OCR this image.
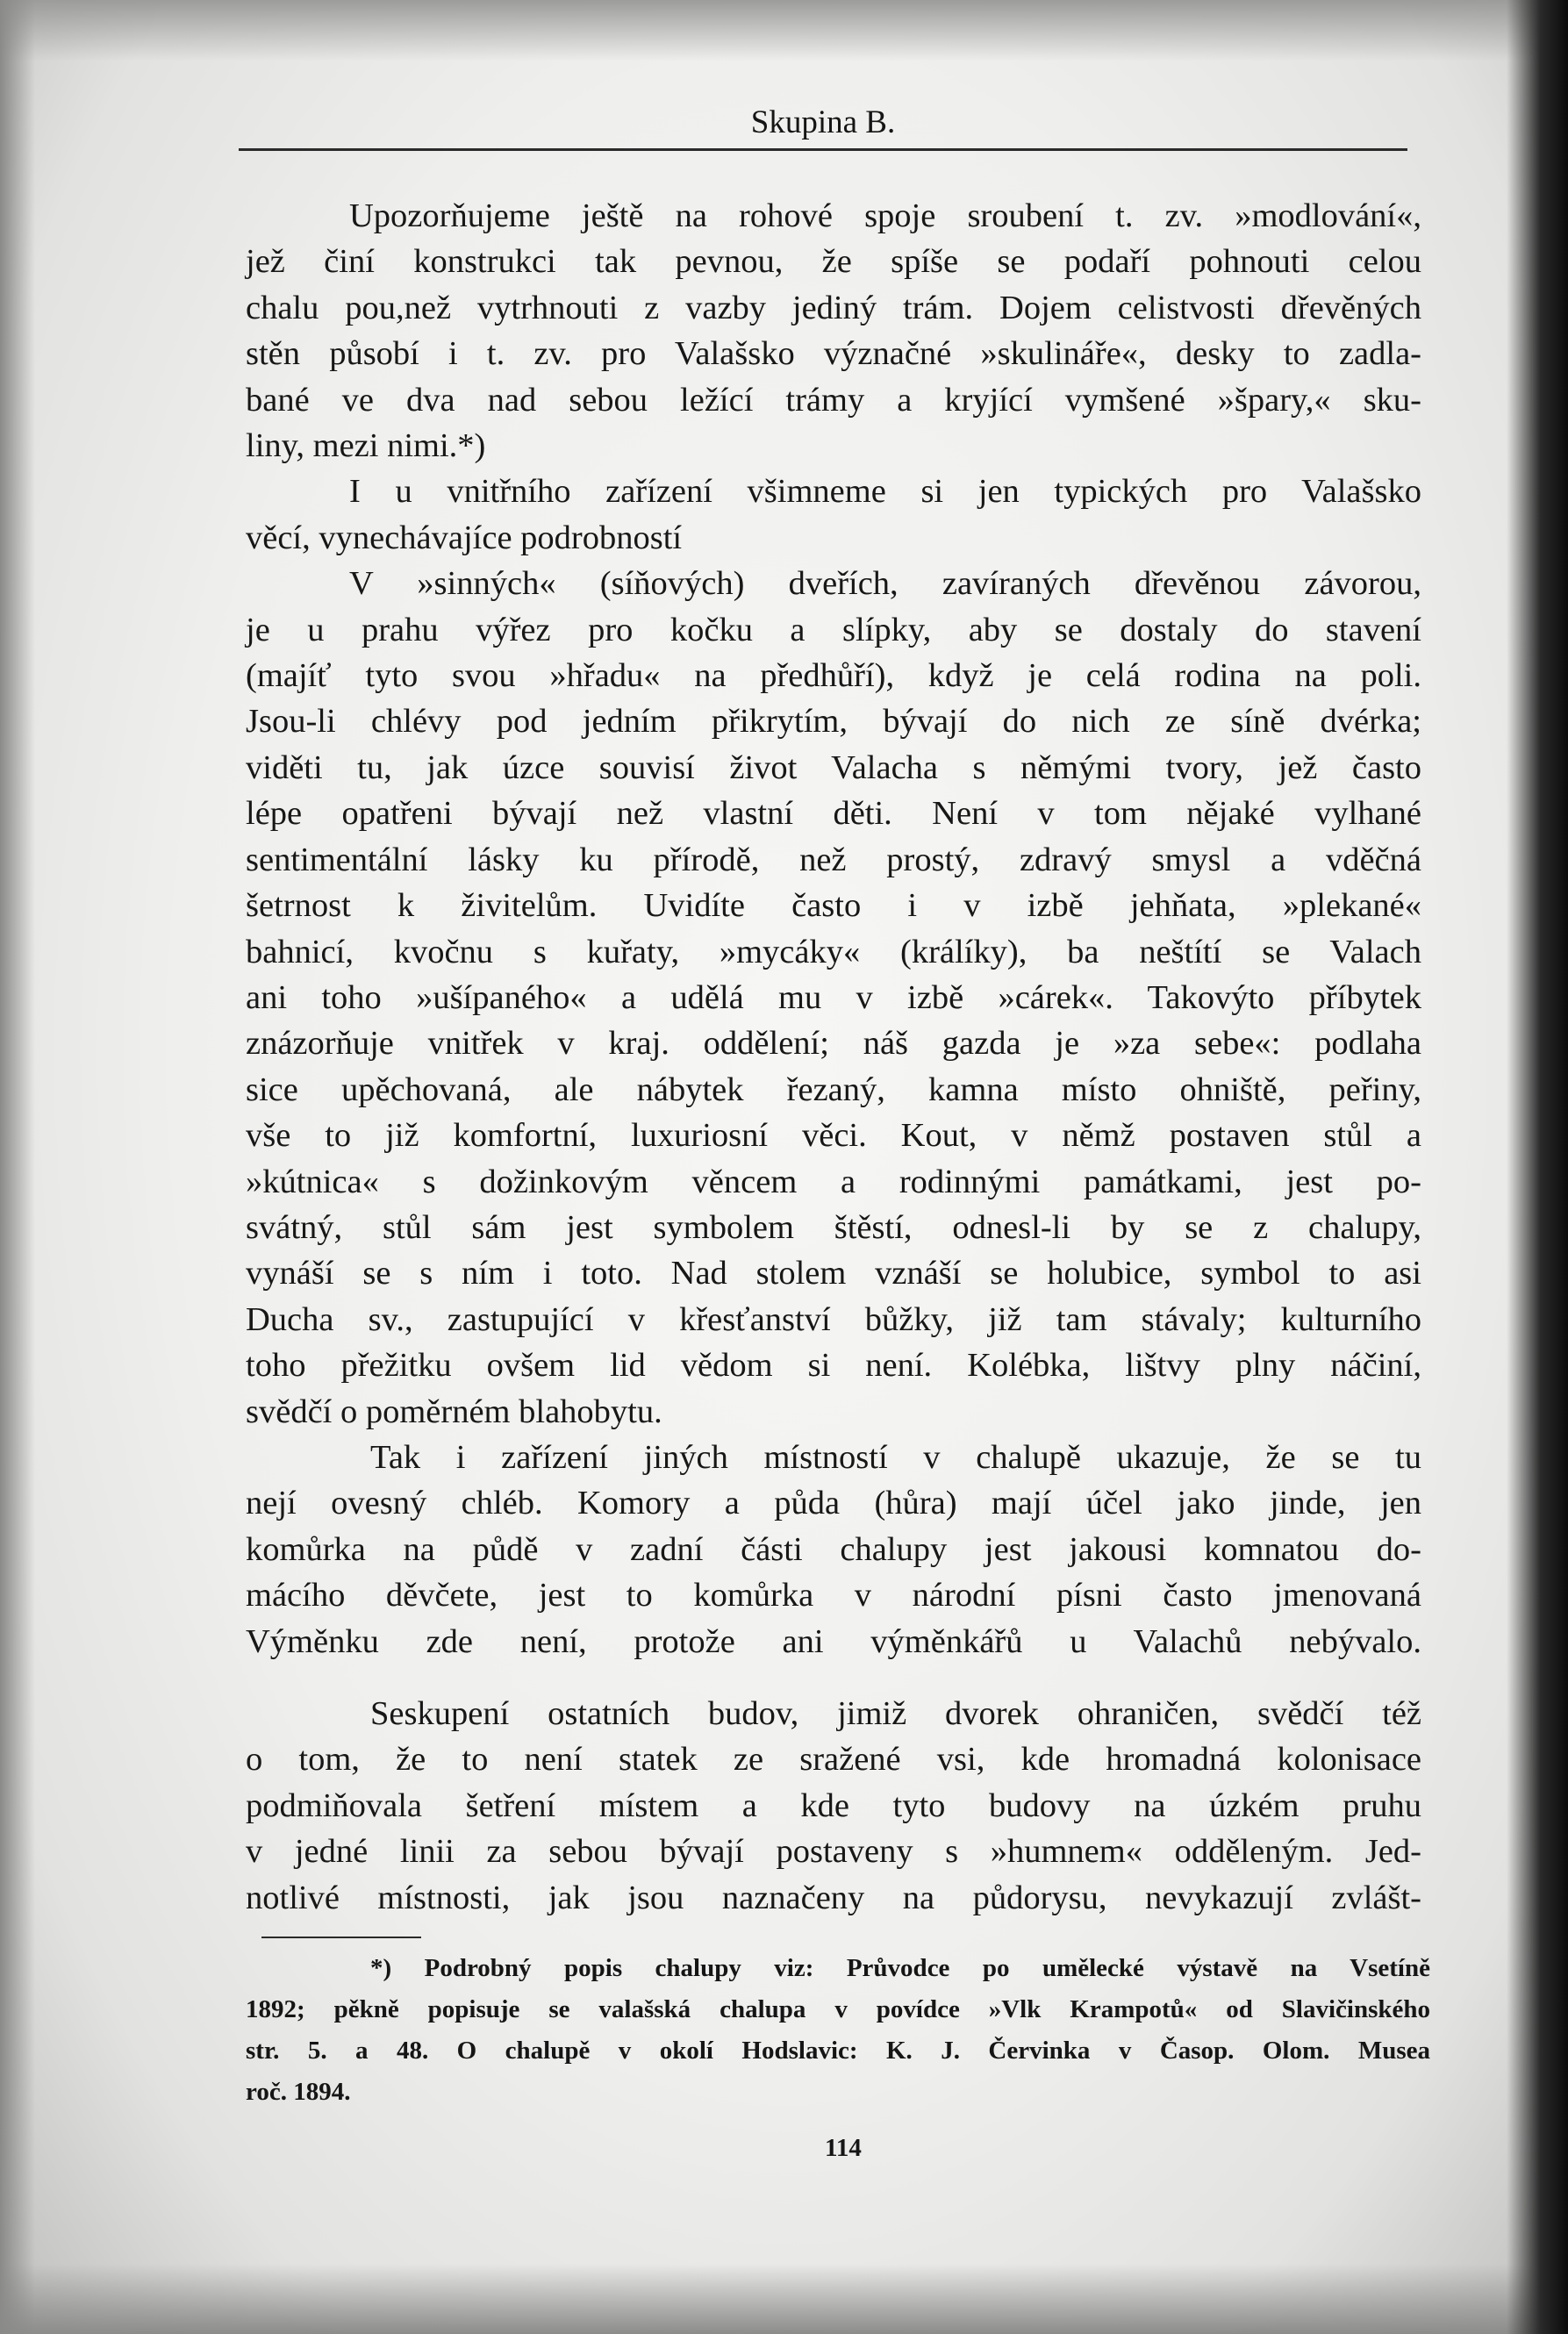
Skupina B.
Upozorňujeme ještě na rohové spoje sroubení t. zv. »modlování«,
jež činí konstrukci tak pevnou, že spíše se podaří pohnouti celou
chalu pou,než vytrhnouti z vazby jediný trám. Dojem celistvosti dřevěných
stěn působí i t. zv. pro Valašsko význačné »skulináře«, desky to zadla-
bané ve dva nad sebou ležící trámy a kryjící vymšené »špary,« sku-
liny, mezi nimi.*)
I u vnitřního zařízení všimneme si jen typických pro Valašsko
věcí, vynechávajíce podrobností
V »sinných« (síňových) dveřích, zavíraných dřevěnou závorou,
je u prahu výřez pro kočku a slípky, aby se dostaly do stavení
(majíť tyto svou »hřadu« na předhůří), když je celá rodina na poli.
Jsou-li chlévy pod jedním přikrytím, bývají do nich ze síně dvérka;
viděti tu, jak úzce souvisí život Valacha s němými tvory, jež často
lépe opatřeni bývají než vlastní děti. Není v tom nějaké vylhané
sentimentální lásky ku přírodě, než prostý, zdravý smysl a vděčná
šetrnost k živitelům. Uvidíte často i v izbě jehňata, »plekané«
bahnicí, kvočnu s kuřaty, »mycáky« (králíky), ba neštítí se Valach
ani toho »ušípaného« a udělá mu v izbě »cárek«. Takovýto příbytek
znázorňuje vnitřek v kraj. oddělení; náš gazda je »za sebe«: podlaha
sice upěchovaná, ale nábytek řezaný, kamna místo ohniště, peřiny,
vše to již komfortní, luxuriosní věci. Kout, v němž postaven stůl a
»kútnica« s dožinkovým věncem a rodinnými památkami, jest po-
svátný, stůl sám jest symbolem štěstí, odnesl-li by se z chalupy,
vynáší se s ním i toto. Nad stolem vznáší se holubice, symbol to asi
Ducha sv., zastupující v křesťanství bůžky, již tam stávaly; kulturního
toho přežitku ovšem lid vědom si není. Kolébka, lištvy plny náčiní,
svědčí o poměrném blahobytu.
Tak i zařízení jiných místností v chalupě ukazuje, že se tu
nejí ovesný chléb. Komory a půda (hůra) mají účel jako jinde, jen
komůrka na půdě v zadní části chalupy jest jakousi komnatou do-
mácího děvčete, jest to komůrka v národní písni často jmenovaná
Výměnku zde není, protože ani výměnkářů u Valachů nebývalo.
Seskupení ostatních budov, jimiž dvorek ohraničen, svědčí též
o tom, že to není statek ze sražené vsi, kde hromadná kolonisace
podmiňovala šetření místem a kde tyto budovy na úzkém pruhu
v jedné linii za sebou bývají postaveny s »humnem« odděleným. Jed-
notlivé místnosti, jak jsou naznačeny na půdorysu, nevykazují zvlášt-
*) Podrobný popis chalupy viz: Průvodce po umělecké výstavě na Vsetíně
1892; pěkně popisuje se valašská chalupa v povídce »Vlk Krampotů« od Slavičinského
str. 5. a 48. O chalupě v okolí Hodslavic: K. J. Červinka v Časop. Olom. Musea
roč. 1894.
114
